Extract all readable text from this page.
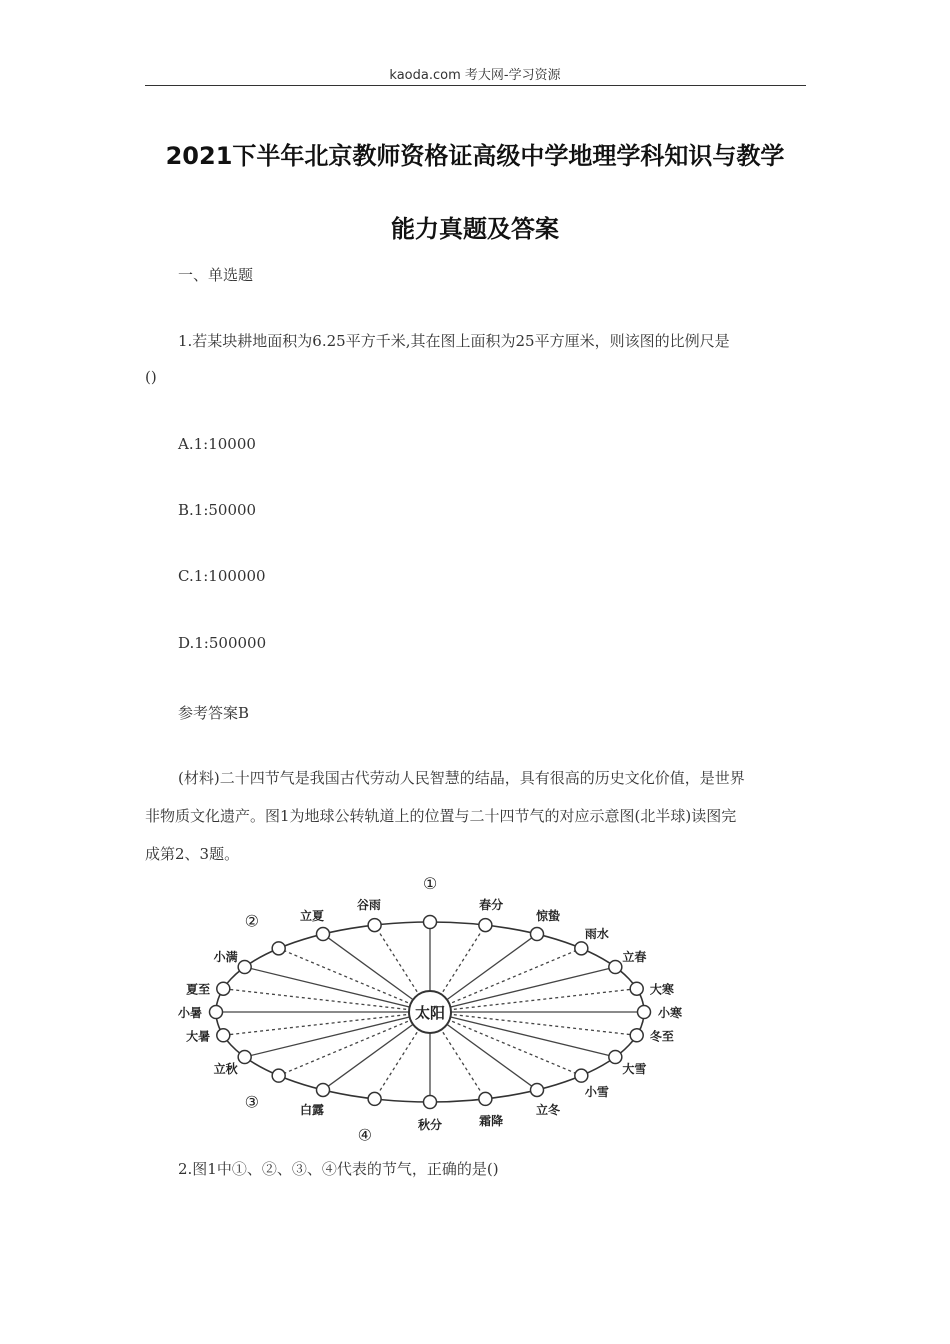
kaoda.com 考大网-学习资源
2021下半年北京教师资格证高级中学地理学科知识与教学
能力真题及答案
一、单选题
1.若某块耕地面积为6.25平方千米,其在图上面积为25平方厘米，则该图的比例尺是
()
A.1:10000
B.1:50000
C.1:100000
D.1:500000
参考答案B
(材料)二十四节气是我国古代劳动人民智慧的结晶，具有很高的历史文化价值，是世界
非物质文化遗产。图1为地球公转轨道上的位置与二十四节气的对应示意图(北半球)读图完
成第2、3题。
太阳
①
春分
惊蛰
雨水
立春
大寒
小寒
冬至
大雪
小雪
立冬
霜降
秋分
④
白露
③
立秋
大暑
小暑
夏至
小满
②	立夏
谷雨
2.图1中①、②、③、④代表的节气，正确的是()
